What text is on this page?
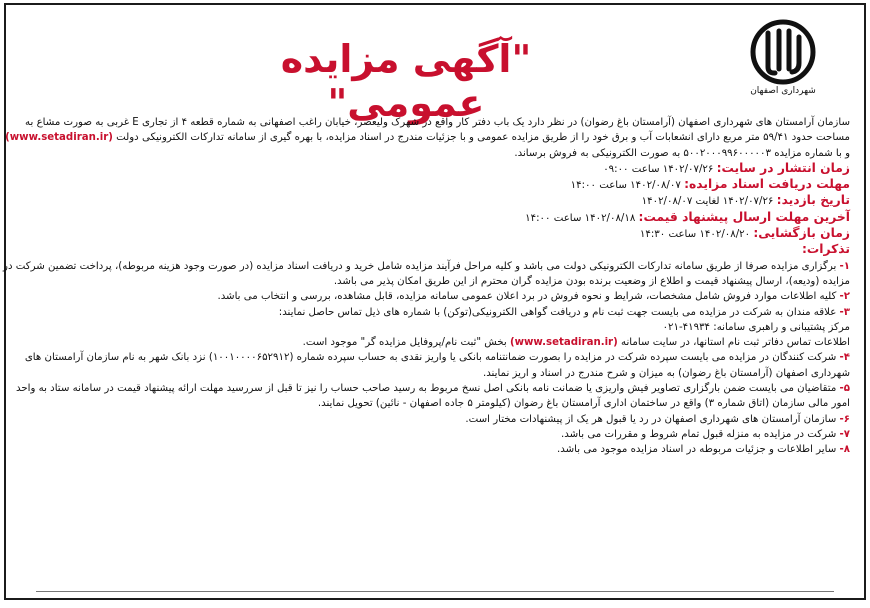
شهرداری اصفهان
"آگهی مزایده عمومی"

سازمان آرامستان های شهرداری اصفهان (آرامستان باغ رضوان) در نظر دارد یک باب دفتر کار واقع در شهرک ولیعصر، خیابان راغب اصفهانی به شماره قطعه ۴ از تجاری E غربی به صورت مشاع به

مساحت حدود ۵۹/۴۱ متر مربع دارای انشعابات آب و برق خود را از طریق مزایده عمومی و با جزئیات مندرج در اسناد مزایده، با بهره گیری از سامانه تدارکات الکترونیکی دولت (www.setadiran.ir)

و با شماره مزایده ۵۰۰۲۰۰۰۹۹۶۰۰۰۰۰۳ به صورت الکترونیکی به فروش برساند.

زمان انتشار در سایت: ۱۴۰۲/۰۷/۲۶ ساعت ۰۹:۰۰

مهلت دریافت اسناد مزایده: ۱۴۰۲/۰۸/۰۷ ساعت ۱۴:۰۰

تاریخ بازدید: ۱۴۰۲/۰۷/۲۶ لغایت ۱۴۰۲/۰۸/۰۷

آخرین مهلت ارسال پیشنهاد قیمت: ۱۴۰۲/۰۸/۱۸ ساعت ۱۴:۰۰

زمان بازگشایی: ۱۴۰۲/۰۸/۲۰ ساعت ۱۴:۳۰

تذکرات:

۱- برگزاری مزایده صرفا از طریق سامانه تدارکات الکترونیکی دولت می باشد و کلیه مراحل فرآیند مزایده شامل خرید و دریافت اسناد مزایده (در صورت وجود هزینه مربوطه)، پرداخت تضمین شرکت در

مزایده (ودیعه)، ارسال پیشنهاد قیمت و اطلاع از وضعیت برنده بودن مزایده گران محترم از این طریق امکان پذیر می باشد.

۲- کلیه اطلاعات موارد فروش شامل مشخصات، شرایط و نحوه فروش در برد اعلان عمومی سامانه مزایده، قابل مشاهده، بررسی و انتخاب می باشد.

۳- علاقه مندان به شرکت در مزایده می بایست جهت ثبت نام و دریافت گواهی الکترونیکی(توکن) با شماره های ذیل تماس حاصل نمایند:

مرکز پشتیبانی و راهبری سامانه: ۴۱۹۳۴-۰۲۱

اطلاعات تماس دفاتر ثبت نام استانها، در سایت سامانه (www.setadiran.ir) بخش "ثبت نام/پروفایل مزایده گر" موجود است.

۴- شرکت کنندگان در مزایده می بایست سپرده شرکت در مزایده را بصورت ضمانتنامه بانکی یا واریز نقدی به حساب سپرده شماره (۱۰۰۱۰۰۰۰۶۵۲۹۱۲) نزد بانک شهر به نام سازمان آرامستان های

شهرداری اصفهان (آرامستان باغ رضوان) به میزان و شرح مندرج در اسناد و اریز نمایند.

۵- متقاضیان می بایست ضمن بارگزاری تصاویر فیش واریزی یا ضمانت نامه بانکی اصل نسخ مربوط به رسید صاحب حساب را نیز تا قبل از سررسید مهلت ارائه پیشنهاد قیمت در سامانه ستاد به واحد

امور مالی سازمان (اتاق شماره ۳) واقع در ساختمان اداری آرامستان باغ رضوان (کیلومتر ۵ جاده اصفهان - نائین) تحویل نمایند.

۶- سازمان آرامستان های شهرداری اصفهان در رد یا قبول هر یک از پیشنهادات مختار است.

۷- شرکت در مزایده به منزله قبول تمام شروط و مقررات می باشد.

۸- سایر اطلاعات و جزئیات مربوطه در اسناد مزایده موجود می باشد.
